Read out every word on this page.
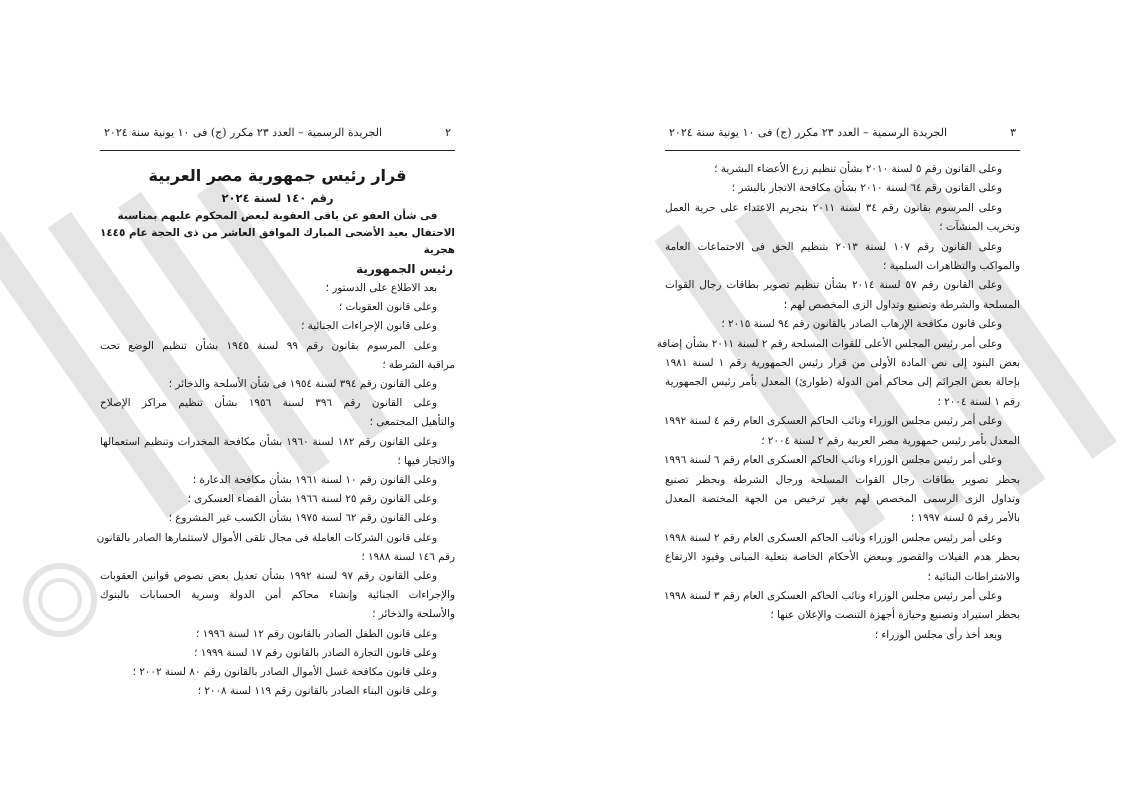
٢
الجريدة الرسمية – العدد ٢٣ مكرر (ج) فى ١٠ يونية سنة ٢٠٢٤
قرار رئيس جمهورية مصر العربية
رقم ١٤٠ لسنة ٢٠٢٤
فى شأن العفو عن باقى العقوبة لبعض المحكوم عليهم بمناسبة
الاحتفال بعيد الأضحى المبارك الموافق العاشر من ذى الحجة عام ١٤٤٥ هجرية
رئيس الجمهورية
بعد الاطلاع على الدستور ؛
وعلى قانون العقوبات ؛
وعلى قانون الإجراءات الجنائية ؛
وعلى المرسوم بقانون رقم ٩٩ لسنة ١٩٤٥ بشأن تنظيم الوضع تحت
مراقبة الشرطة ؛
وعلى القانون رقم ٣٩٤ لسنة ١٩٥٤ فى شأن الأسلحة والذخائر ؛
وعلى القانون رقم ٣٩٦ لسنة ١٩٥٦ بشأن تنظيم مراكز الإصلاح
والتأهيل المجتمعى ؛
وعلى القانون رقم ١٨٢ لسنة ١٩٦٠ بشأن مكافحة المخدرات وتنظيم استعمالها
والاتجار فيها ؛
وعلى القانون رقم ١٠ لسنة ١٩٦١ بشأن مكافحة الدعارة ؛
وعلى القانون رقم ٢٥ لسنة ١٩٦٦ بشأن القضاء العسكرى ؛
وعلى القانون رقم ٦٢ لسنة ١٩٧٥ بشأن الكسب غير المشروع ؛
وعلى قانون الشركات العاملة فى مجال تلقى الأموال لاستثمارها الصادر بالقانون
رقم ١٤٦ لسنة ١٩٨٨ ؛
وعلى القانون رقم ٩٧ لسنة ١٩٩٢ بشأن تعديل بعض نصوص قوانين العقوبات
والإجراءات الجنائية وإنشاء محاكم أمن الدولة وسرية الحسابات بالبنوك
والأسلحة والذخائر ؛
وعلى قانون الطفل الصادر بالقانون رقم ١٢ لسنة ١٩٩٦ ؛
وعلى قانون التجارة الصادر بالقانون رقم ١٧ لسنة ١٩٩٩ ؛
وعلى قانون مكافحة غسل الأموال الصادر بالقانون رقم ٨٠ لسنة ٢٠٠٢ ؛
وعلى قانون البناء الصادر بالقانون رقم ١١٩ لسنة ٢٠٠٨ ؛
٣
الجريدة الرسمية – العدد ٢٣ مكرر (ج) فى ١٠ يونية سنة ٢٠٢٤
وعلى القانون رقم ٥ لسنة ٢٠١٠ بشأن تنظيم زرع الأعضاء البشرية ؛
وعلى القانون رقم ٦٤ لسنة ٢٠١٠ بشأن مكافحة الاتجار بالبشر ؛
وعلى المرسوم بقانون رقم ٣٤ لسنة ٢٠١١ بتجريم الاعتداء على حرية العمل
وتخريب المنشآت ؛
وعلى القانون رقم ١٠٧ لسنة ٢٠١٣ بتنظيم الحق فى الاجتماعات العامة
والمواكب والتظاهرات السلمية ؛
وعلى القانون رقم ٥٧ لسنة ٢٠١٤ بشأن تنظيم تصوير بطاقات رجال القوات
المسلحة والشرطة وتصنيع وتداول الزى المخصص لهم ؛
وعلى قانون مكافحة الإرهاب الصادر بالقانون رقم ٩٤ لسنة ٢٠١٥ ؛
وعلى أمر رئيس المجلس الأعلى للقوات المسلحة رقم ٢ لسنة ٢٠١١ بشأن إضافة
بعض البنود إلى نص المادة الأولى من قرار رئيس الجمهورية رقم ١ لسنة ١٩٨١
بإحالة بعض الجرائم إلى محاكم أمن الدولة (طوارئ) المعدل بأمر رئيس الجمهورية
رقم ١ لسنة ٢٠٠٤ ؛
وعلى أمر رئيس مجلس الوزراء ونائب الحاكم العسكرى العام رقم ٤ لسنة ١٩٩٢
المعدل بأمر رئيس جمهورية مصر العربية رقم ٢ لسنة ٢٠٠٤ ؛
وعلى أمر رئيس مجلس الوزراء ونائب الحاكم العسكرى العام رقم ٦ لسنة ١٩٩٦
بحظر تصوير بطاقات رجال القوات المسلحة ورجال الشرطة وبحظر تصنيع
وتداول الزى الرسمى المخصص لهم بغير ترخيص من الجهة المختصة المعدل
بالأمر رقم ٥ لسنة ١٩٩٧ ؛
وعلى أمر رئيس مجلس الوزراء ونائب الحاكم العسكرى العام رقم ٢ لسنة ١٩٩٨
بحظر هدم الفيلات والقصور وببعض الأحكام الخاصة بتعلية المبانى وقيود الارتفاع
والاشتراطات البنائية ؛
وعلى أمر رئيس مجلس الوزراء ونائب الحاكم العسكرى العام رقم ٣ لسنة ١٩٩٨
بحظر استيراد وتصنيع وحيازة أجهزة التنصت والإعلان عنها ؛
وبعد أخذ رأى مجلس الوزراء ؛
